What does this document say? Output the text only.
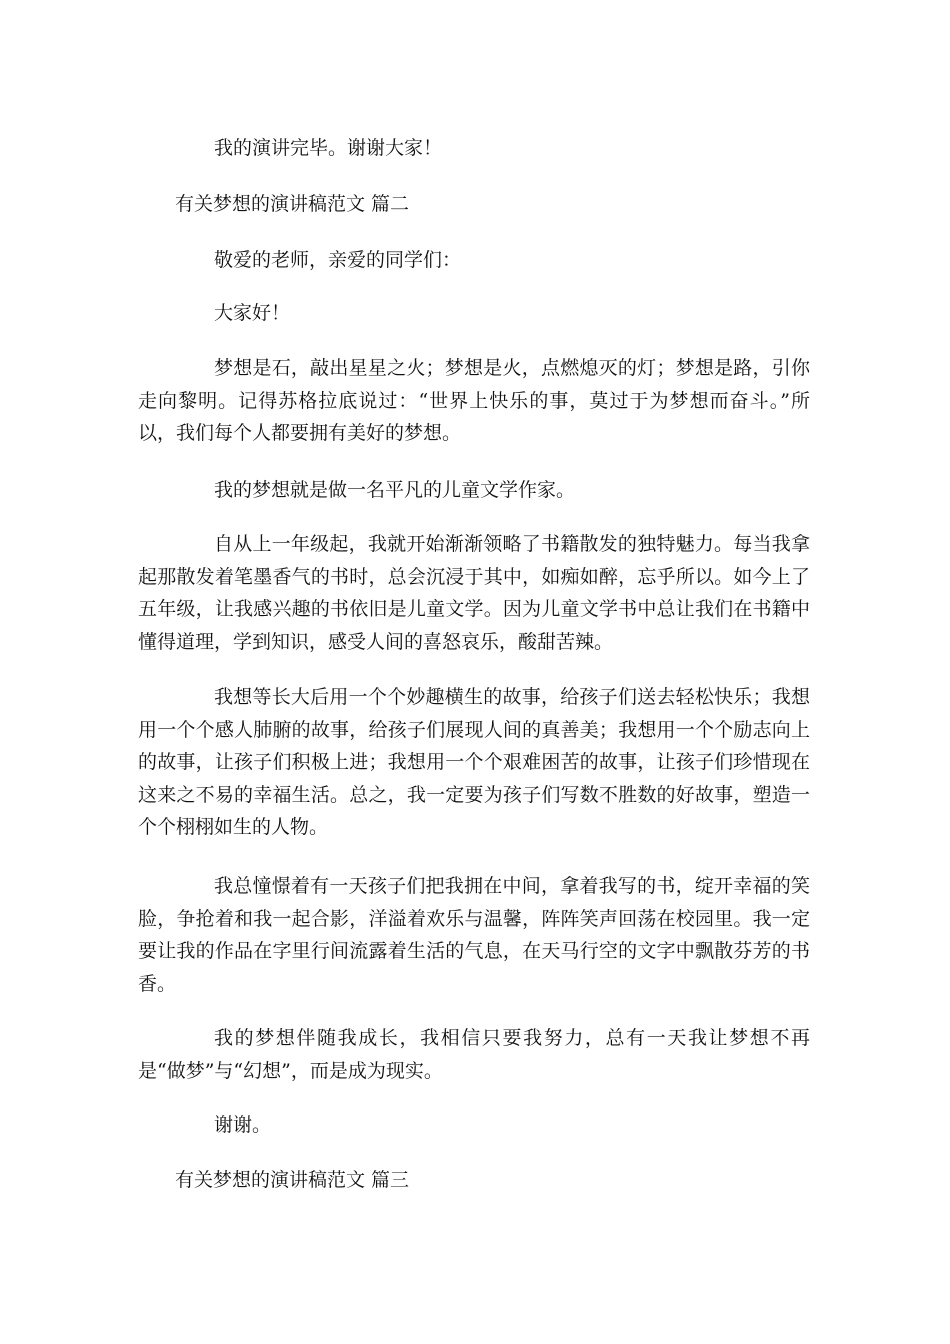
我的演讲完毕。谢谢大家！

有关梦想的演讲稿范文 篇二

敬爱的老师，亲爱的同学们：

大家好！

梦想是石，敲出星星之火；梦想是火，点燃熄灭的灯；梦想是路，引你走向黎明。记得苏格拉底说过：“世界上快乐的事，莫过于为梦想而奋斗。”所以，我们每个人都要拥有美好的梦想。

我的梦想就是做一名平凡的儿童文学作家。

自从上一年级起，我就开始渐渐领略了书籍散发的独特魅力。每当我拿起那散发着笔墨香气的书时，总会沉浸于其中，如痴如醉，忘乎所以。如今上了五年级，让我感兴趣的书依旧是儿童文学。因为儿童文学书中总让我们在书籍中懂得道理，学到知识，感受人间的喜怒哀乐，酸甜苦辣。

我想等长大后用一个个妙趣横生的故事，给孩子们送去轻松快乐；我想用一个个感人肺腑的故事，给孩子们展现人间的真善美；我想用一个个励志向上的故事，让孩子们积极上进；我想用一个个艰难困苦的故事，让孩子们珍惜现在这来之不易的幸福生活。总之，我一定要为孩子们写数不胜数的好故事，塑造一个个栩栩如生的人物。

我总憧憬着有一天孩子们把我拥在中间，拿着我写的书，绽开幸福的笑脸，争抢着和我一起合影，洋溢着欢乐与温馨，阵阵笑声回荡在校园里。我一定要让我的作品在字里行间流露着生活的气息，在天马行空的文字中飘散芬芳的书香。

我的梦想伴随我成长，我相信只要我努力，总有一天我让梦想不再是“做梦”与“幻想”，而是成为现实。

谢谢。

有关梦想的演讲稿范文 篇三
